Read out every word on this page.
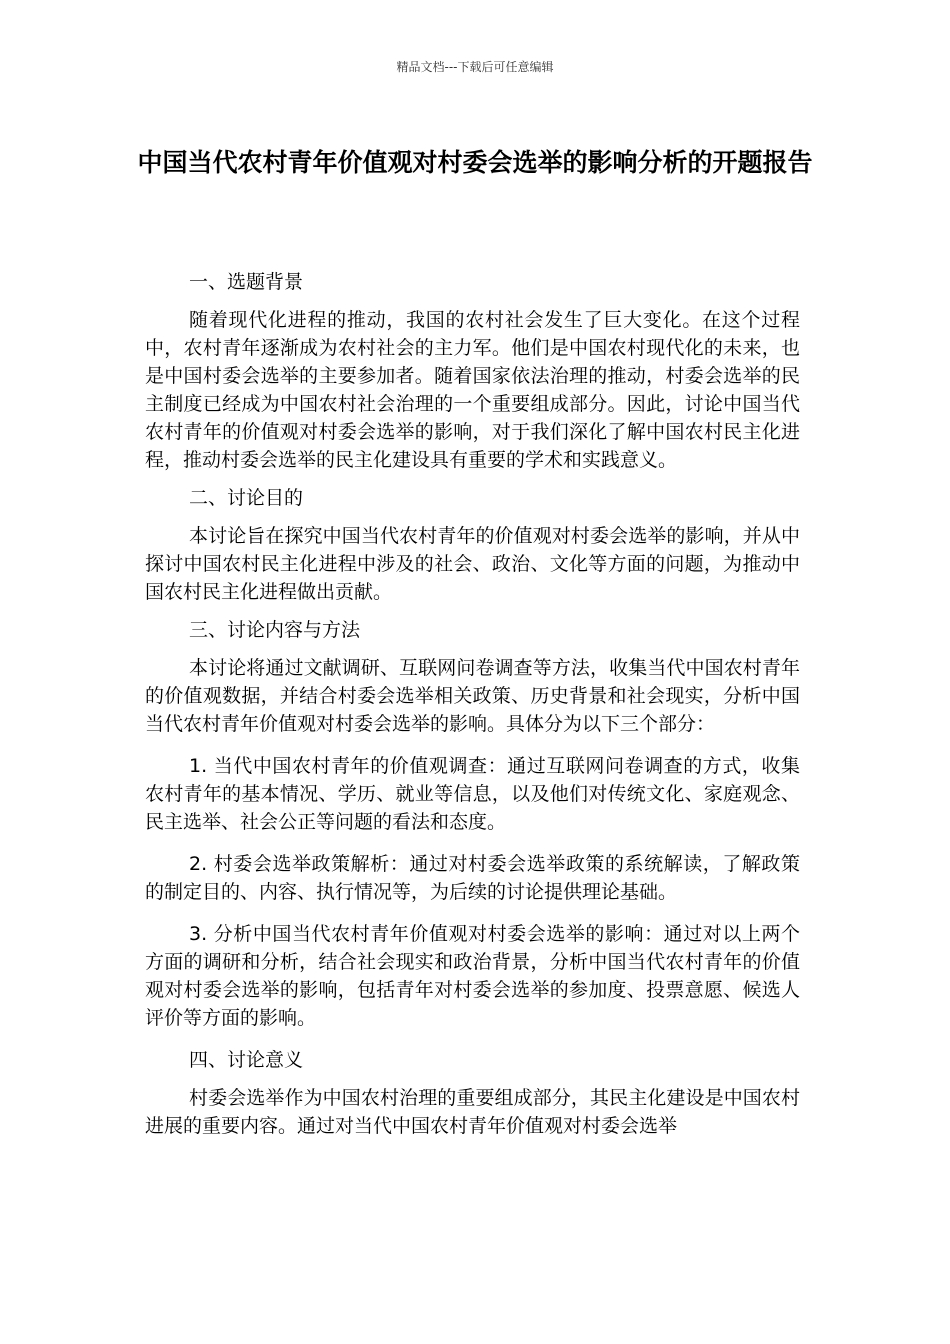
精品文档---下载后可任意编辑
中国当代农村青年价值观对村委会选举的影响分析的开题报告

一、选题背景

随着现代化进程的推动，我国的农村社会发生了巨大变化。在这个过程中，农村青年逐渐成为农村社会的主力军。他们是中国农村现代化的未来，也是中国村委会选举的主要参加者。随着国家依法治理的推动，村委会选举的民主制度已经成为中国农村社会治理的一个重要组成部分。因此，讨论中国当代农村青年的价值观对村委会选举的影响，对于我们深化了解中国农村民主化进程，推动村委会选举的民主化建设具有重要的学术和实践意义。

二、讨论目的

本讨论旨在探究中国当代农村青年的价值观对村委会选举的影响，并从中探讨中国农村民主化进程中涉及的社会、政治、文化等方面的问题，为推动中国农村民主化进程做出贡献。

三、讨论内容与方法

本讨论将通过文献调研、互联网问卷调查等方法，收集当代中国农村青年的价值观数据，并结合村委会选举相关政策、历史背景和社会现实，分析中国当代农村青年价值观对村委会选举的影响。具体分为以下三个部分：

1. 当代中国农村青年的价值观调查：通过互联网问卷调查的方式，收集农村青年的基本情况、学历、就业等信息，以及他们对传统文化、家庭观念、民主选举、社会公正等问题的看法和态度。

2. 村委会选举政策解析：通过对村委会选举政策的系统解读，了解政策的制定目的、内容、执行情况等，为后续的讨论提供理论基础。

3. 分析中国当代农村青年价值观对村委会选举的影响：通过对以上两个方面的调研和分析，结合社会现实和政治背景，分析中国当代农村青年的价值观对村委会选举的影响，包括青年对村委会选举的参加度、投票意愿、候选人评价等方面的影响。

四、讨论意义

村委会选举作为中国农村治理的重要组成部分，其民主化建设是中国农村进展的重要内容。通过对当代中国农村青年价值观对村委会选举
